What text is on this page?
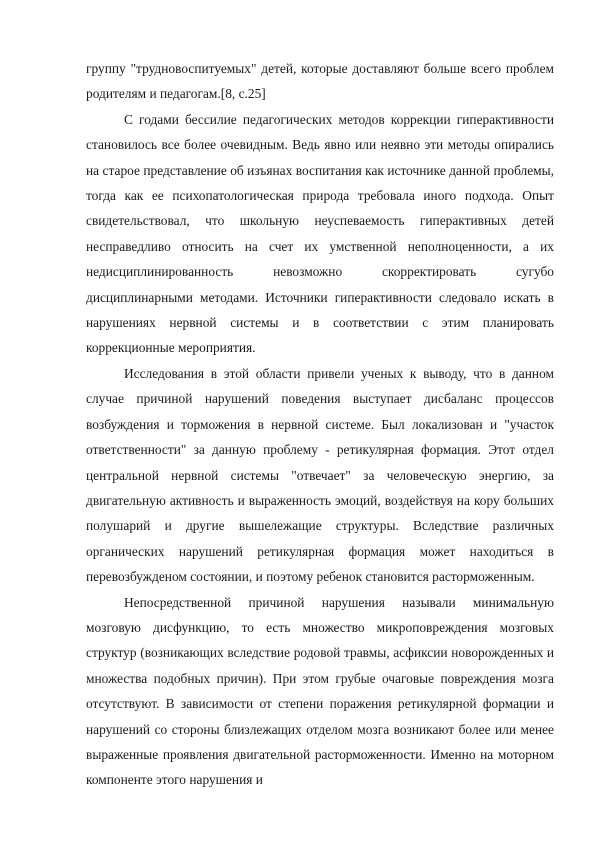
группу "трудновоспитуемых" детей, которые доставляют больше всего проблем родителям и педагогам.[8, с.25]

С годами бессилие педагогических методов коррекции гиперактивности становилось все более очевидным. Ведь явно или неявно эти методы опирались на старое представление об изъянах воспитания как источнике данной проблемы, тогда как ее психопатологическая природа требовала иного подхода. Опыт свидетельствовал, что школьную неуспеваемость гиперактивных детей несправедливо относить на счет их умственной неполноценности, а их недисциплинированность невозможно скорректировать сугубо дисциплинарными методами. Источники гиперактивности следовало искать в нарушениях нервной системы и в соответствии с этим планировать коррекционные мероприятия.

Исследования в этой области привели ученых к выводу, что в данном случае причиной нарушений поведения выступает дисбаланс процессов возбуждения и торможения в нервной системе. Был локализован и "участок ответственности" за данную проблему - ретикулярная формация. Этот отдел центральной нервной системы "отвечает" за человеческую энергию, за двигательную активность и выраженность эмоций, воздействуя на кору больших полушарий и другие вышележащие структуры. Вследствие различных органических нарушений ретикулярная формация может находиться в перевозбужденом состоянии, и поэтому ребенок становится расторможенным.

Непосредственной причиной нарушения называли минимальную мозговую дисфункцию, то есть множество микроповреждения мозговых структур (возникающих вследствие родовой травмы, асфиксии новорожденных и множества подобных причин). При этом грубые очаговые повреждения мозга отсутствуют. В зависимости от степени поражения ретикулярной формации и нарушений со стороны близлежащих отделом мозга возникают более или менее выраженные проявления двигательной расторможенности. Именно на моторном компоненте этого нарушения и
